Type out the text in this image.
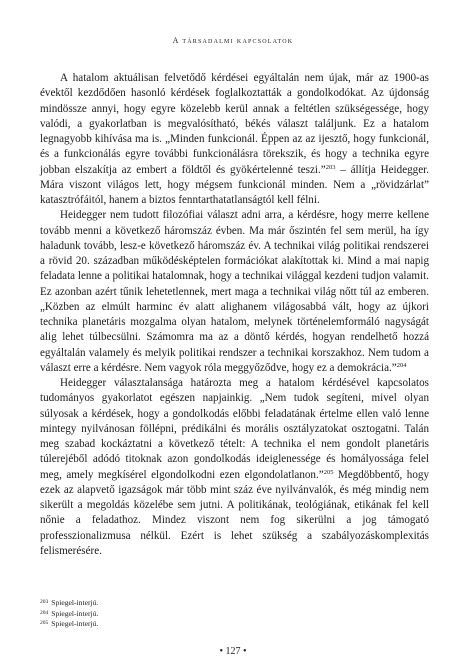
A társadalmi kapcsolatok

A hatalom aktuálisan felvetődő kérdései egyáltalán nem újak, már az 1900-as évektől kezdődően hasonló kérdések foglalkoztatták a gondolkodókat. Az újdonság mindössze annyi, hogy egyre közelebb kerül annak a feltétlen szükségessége, hogy valódi, a gyakorlatban is megvalósítható, békés választ találjunk. Ez a hatalom legnagyobb kihívása ma is. „Minden funkcionál. Éppen az az ijesztő, hogy funkcionál, és a funkcionálás egyre további funkcionálásra törekszik, és hogy a technika egyre jobban elszakítja az embert a földtől és gyökértelenné teszi.”$^{203}$ – állítja Heidegger. Mára viszont világos lett, hogy mégsem funkcionál minden. Nem a „rövidzárlat” katasztrófáitól, hanem a biztos fenntarthatatlanságtól kell félni.

Heidegger nem tudott filozófiai választ adni arra, a kérdésre, hogy merre kellene tovább menni a következő háromszáz évben. Ma már őszintén fel sem merül, ha így haladunk tovább, lesz-e következő háromszáz év. A technikai világ politikai rendszerei a rövid 20. században működésképtelen formációkat alakítottak ki. Mind a mai napig feladata lenne a politikai hatalomnak, hogy a technikai világgal kezdeni tudjon valamit. Ez azonban azért tűnik lehetetlennek, mert maga a technikai világ nőtt túl az emberen. „Közben az elmúlt harminc év alatt alighanem világosabbá vált, hogy az újkori technika planetáris mozgalma olyan hatalom, melynek történelemformáló nagyságát alig lehet túlbecsülni. Számomra ma az a döntő kérdés, hogyan rendelhető hozzá egyáltalán valamely és melyik politikai rendszer a technikai korszakhoz. Nem tudom a választ erre a kérdésre. Nem vagyok róla meggyőződve, hogy ez a demokrácia.”$^{204}$

Heidegger választalansága határozta meg a hatalom kérdésével kapcsolatos tudományos gyakorlatot egészen napjainkig. „Nem tudok segíteni, mivel olyan súlyosak a kérdések, hogy a gondolkodás előbbi feladatának értelme ellen való lenne mintegy nyilvánosan föllépni, prédikálni és morális osztályzatokat osztogatni. Talán meg szabad kockáztatni a következő tételt: A technika el nem gondolt planetáris túlerejéből adódó titoknak azon gondolkodás ideiglenessége és homályossága felel meg, amely megkísérel elgondolkodni ezen elgondolatlanon.”$^{205}$ Megdöbbentő, hogy ezek az alapvető igazságok már több mint száz éve nyilvánvalók, és még mindig nem sikerült a megoldás közelébe sem jutni. A politikának, teológiának, etikának fel kell nőnie a feladathoz. Mindez viszont nem fog sikerülni a jog támogató professzionalizmusa nélkül. Ezért is lehet szükség a szabályozáskomplexitás felismerésére.

$^{203}$ Spiegel-interjú.
$^{204}$ Spiegel-interjú.
$^{205}$ Spiegel-interjú.
• 127 •
